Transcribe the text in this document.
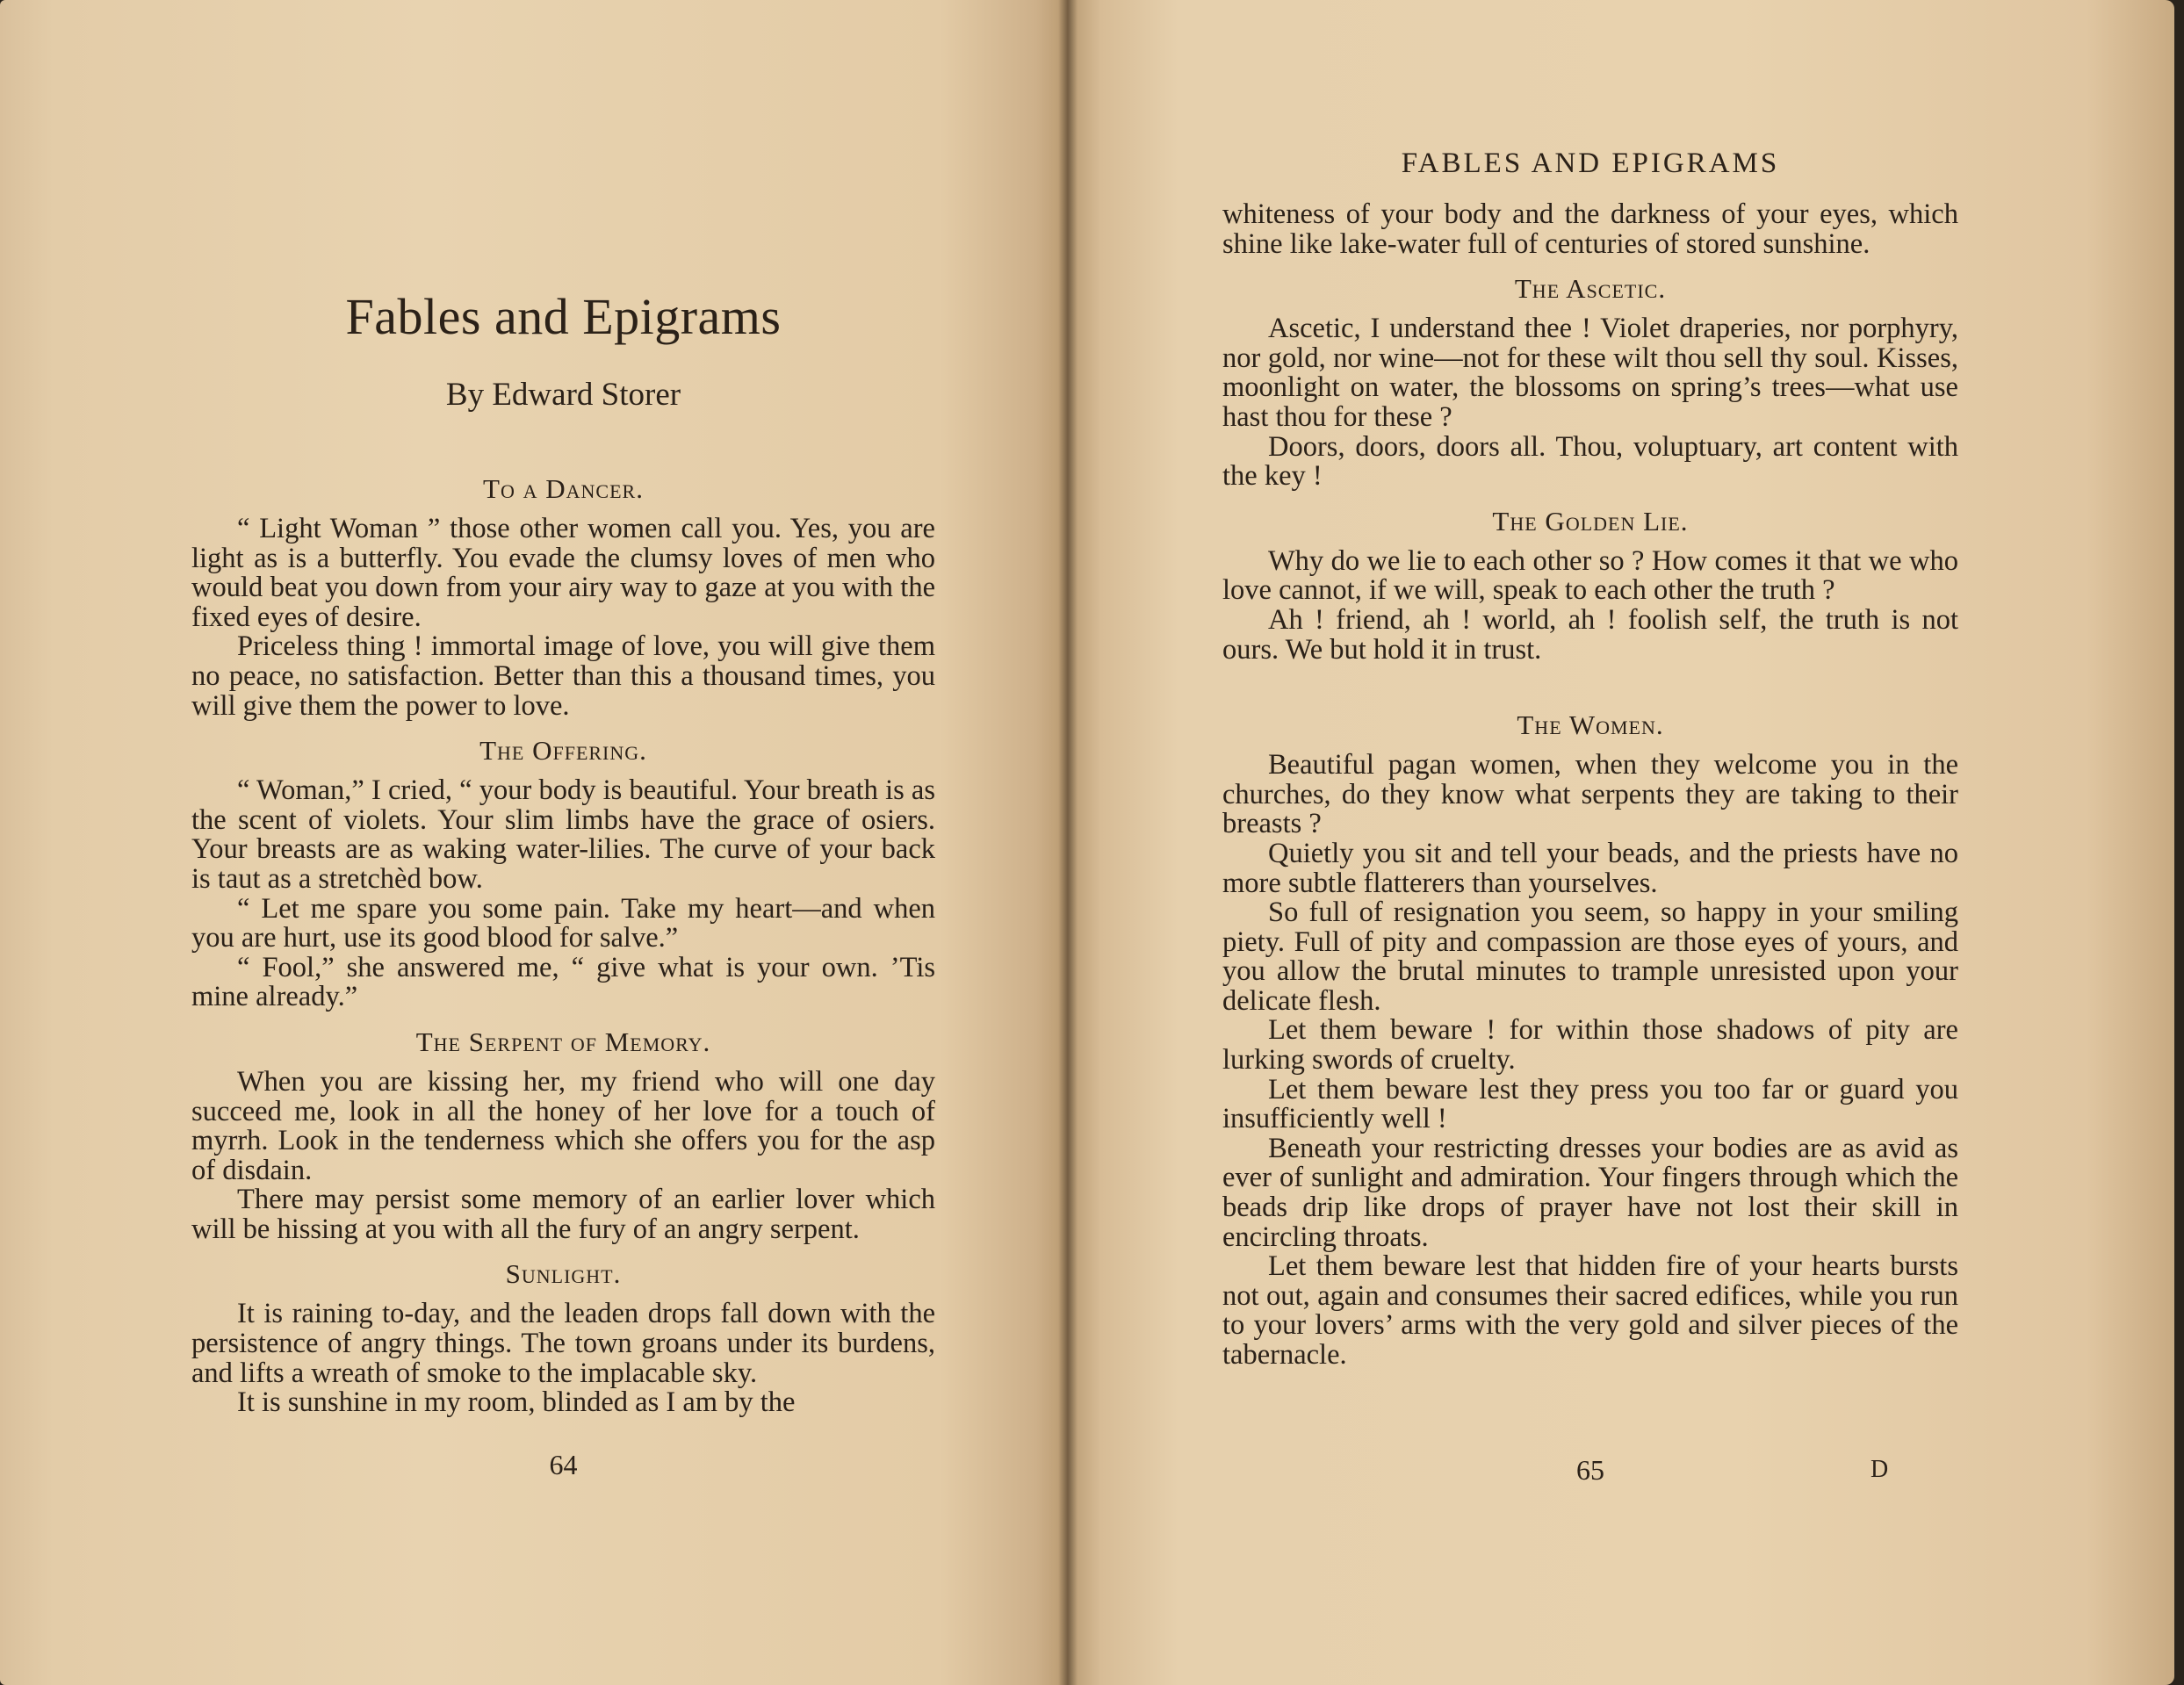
Fables and Epigrams
By Edward Storer
To a Dancer.

“ Light Woman ” those other women call you. Yes, you are light as is a butterfly. You evade the clumsy loves of men who would beat you down from your airy way to gaze at you with the fixed eyes of desire.

Priceless thing ! immortal image of love, you will give them no peace, no satisfaction. Better than this a thousand times, you will give them the power to love.

The Offering.

“ Woman,” I cried, “ your body is beautiful. Your breath is as the scent of violets. Your slim limbs have the grace of osiers. Your breasts are as waking water-lilies. The curve of your back is taut as a stretchèd bow.

“ Let me spare you some pain. Take my heart—and when you are hurt, use its good blood for salve.”

“ Fool,” she answered me, “ give what is your own. ’Tis mine already.”

The Serpent of Memory.

When you are kissing her, my friend who will one day succeed me, look in all the honey of her love for a touch of myrrh. Look in the tenderness which she offers you for the asp of disdain.

There may persist some memory of an earlier lover which will be hissing at you with all the fury of an angry serpent.

Sunlight.

It is raining to-day, and the leaden drops fall down with the persistence of angry things. The town groans under its burdens, and lifts a wreath of smoke to the implacable sky.

It is sunshine in my room, blinded as I am by the

64
FABLES AND EPIGRAMS

whiteness of your body and the darkness of your eyes, which shine like lake-water full of centuries of stored sunshine.

The Ascetic.

Ascetic, I understand thee ! Violet draperies, nor porphyry, nor gold, nor wine—not for these wilt thou sell thy soul. Kisses, moonlight on water, the blossoms on spring’s trees—what use hast thou for these ?

Doors, doors, doors all. Thou, voluptuary, art content with the key !

The Golden Lie.

Why do we lie to each other so ? How comes it that we who love cannot, if we will, speak to each other the truth ?

Ah ! friend, ah ! world, ah ! foolish self, the truth is not ours. We but hold it in trust.

The Women.

Beautiful pagan women, when they welcome you in the churches, do they know what serpents they are taking to their breasts ?

Quietly you sit and tell your beads, and the priests have no more subtle flatterers than yourselves.

So full of resignation you seem, so happy in your smiling piety. Full of pity and compassion are those eyes of yours, and you allow the brutal minutes to trample unresisted upon your delicate flesh.

Let them beware ! for within those shadows of pity are lurking swords of cruelty.

Let them beware lest they press you too far or guard you insufficiently well !

Beneath your restricting dresses your bodies are as avid as ever of sunlight and admiration. Your fingers through which the beads drip like drops of prayer have not lost their skill in encircling throats.

Let them beware lest that hidden fire of your hearts bursts not out, again and consumes their sacred edifices, while you run to your lovers’ arms with the very gold and silver pieces of the tabernacle.

65	D
